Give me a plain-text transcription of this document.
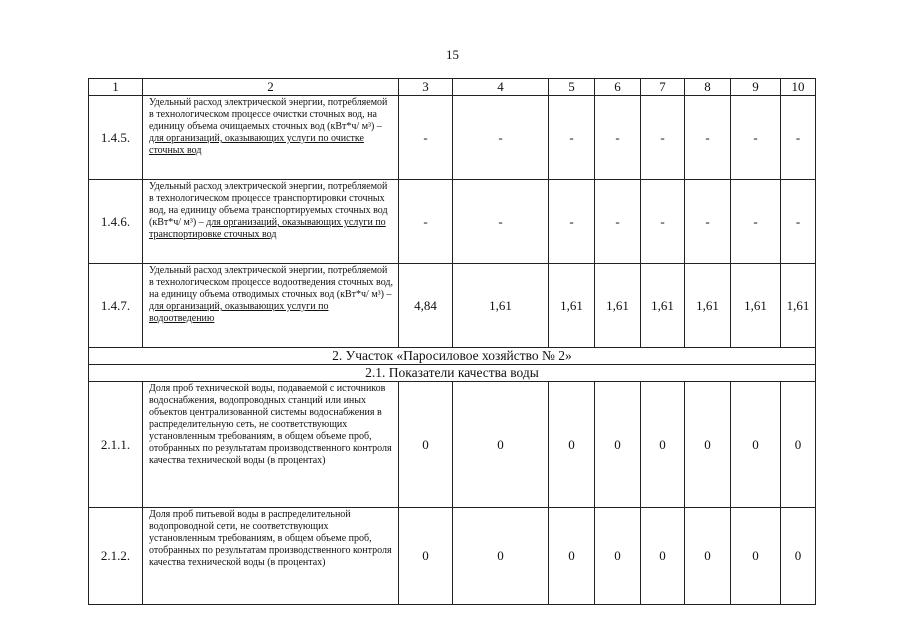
15
1	2	3	4	5	6	7	8	9	10
1.4.5.	Удельный расход электрической энергии, потребляемой в технологическом процессе очистки сточных вод, на единицу объема очищаемых сточных вод (кВт*ч/ м³) – для организаций, оказывающих услуги по очистке сточных вод	-	-	-	-	-	-	-	-
1.4.6.	Удельный расход электрической энергии, потребляемой в технологическом процессе транспортировки сточных вод, на единицу объема транспортируемых сточных вод (кВт*ч/ м³) – для организаций, оказывающих услуги по транспортировке сточных вод	-	-	-	-	-	-	-	-
1.4.7.	Удельный расход электрической энергии, потребляемой в технологическом процессе водоотведения сточных вод, на единицу объема отводимых сточных вод (кВт*ч/ м³) – для организаций, оказывающих услуги по водоотведению	4,84	1,61	1,61	1,61	1,61	1,61	1,61	1,61
2. Участок «Паросиловое хозяйство № 2»									
2.1. Показатели качества воды									
2.1.1.	Доля проб технической воды, подаваемой с источников водоснабжения, водопроводных станций или иных объектов централизованной системы водоснабжения в распределительную сеть, не соответствующих установленным требованиям, в общем объеме проб, отобранных по результатам производственного контроля качества технической воды (в процентах)	0	0	0	0	0	0	0	0
2.1.2.	Доля проб питьевой воды в распределительной водопроводной сети, не соответствующих установленным требованиям, в общем объеме проб, отобранных по результатам производственного контроля качества технической воды (в процентах)	0	0	0	0	0	0	0	0
